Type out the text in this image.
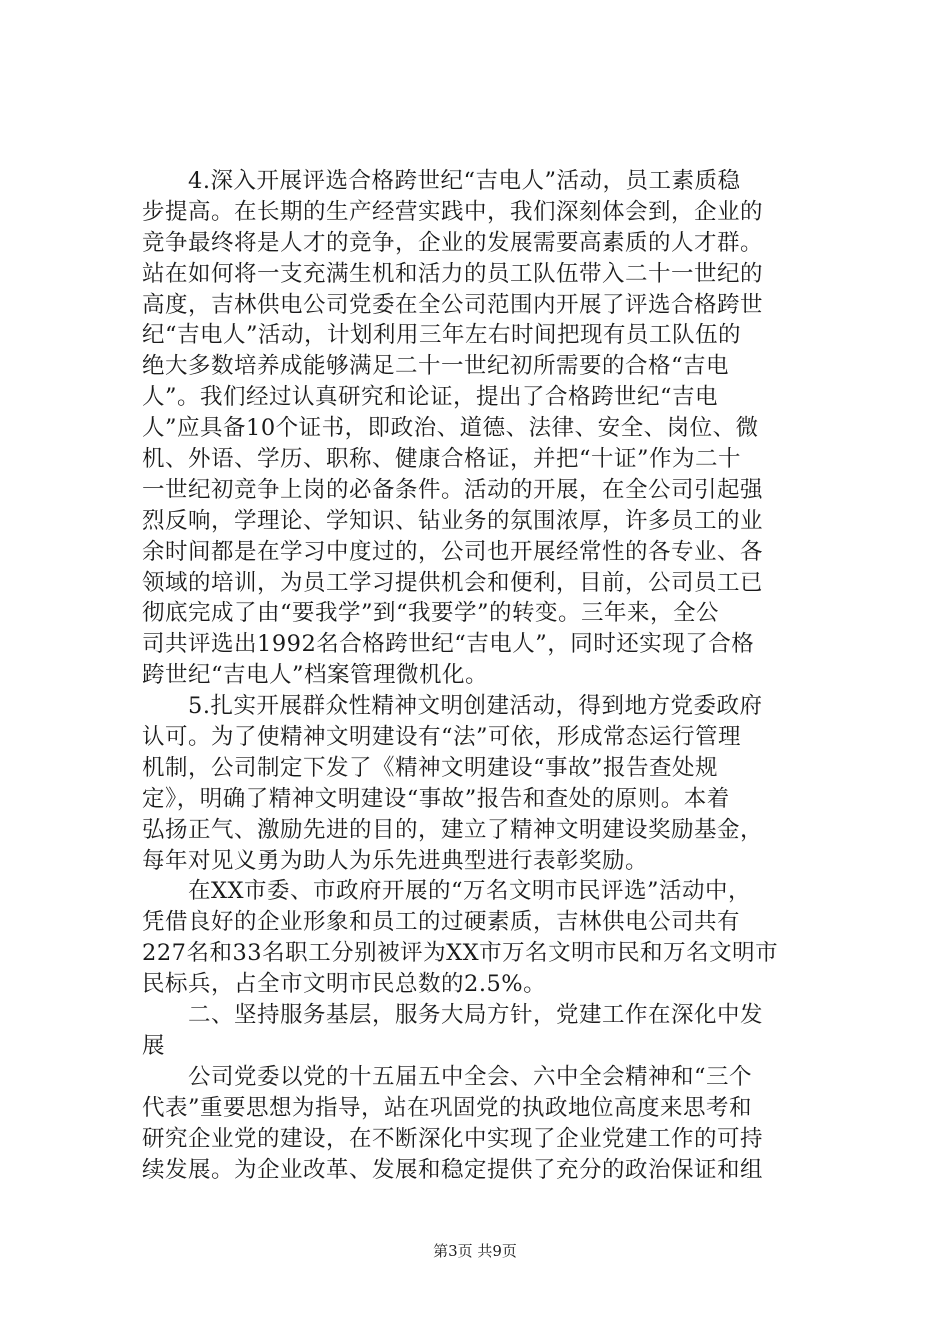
　　4.深入开展评选合格跨世纪“吉电人”活动，员工素质稳
步提高。在长期的生产经营实践中，我们深刻体会到，企业的
竞争最终将是人才的竞争，企业的发展需要高素质的人才群。
站在如何将一支充满生机和活力的员工队伍带入二十一世纪的
高度，吉林供电公司党委在全公司范围内开展了评选合格跨世
纪“吉电人”活动，计划利用三年左右时间把现有员工队伍的
绝大多数培养成能够满足二十一世纪初所需要的合格“吉电
人”。我们经过认真研究和论证，提出了合格跨世纪“吉电
人”应具备10个证书，即政治、道德、法律、安全、岗位、微
机、外语、学历、职称、健康合格证，并把“十证”作为二十
一世纪初竞争上岗的必备条件。活动的开展，在全公司引起强
烈反响，学理论、学知识、钻业务的氛围浓厚，许多员工的业
余时间都是在学习中度过的，公司也开展经常性的各专业、各
领域的培训，为员工学习提供机会和便利，目前，公司员工已
彻底完成了由“要我学”到“我要学”的转变。三年来，全公
司共评选出1992名合格跨世纪“吉电人”，同时还实现了合格
跨世纪“吉电人”档案管理微机化。
　　5.扎实开展群众性精神文明创建活动，得到地方党委政府
认可。为了使精神文明建设有“法”可依，形成常态运行管理
机制，公司制定下发了《精神文明建设“事故”报告查处规
定》，明确了精神文明建设“事故”报告和查处的原则。本着
弘扬正气、激励先进的目的，建立了精神文明建设奖励基金，
每年对见义勇为助人为乐先进典型进行表彰奖励。
　　在XX市委、市政府开展的“万名文明市民评选”活动中，
凭借良好的企业形象和员工的过硬素质，吉林供电公司共有
227名和33名职工分别被评为XX市万名文明市民和万名文明市
民标兵，占全市文明市民总数的2.5%。
　　二、坚持服务基层，服务大局方针，党建工作在深化中发
展
　　公司党委以党的十五届五中全会、六中全会精神和“三个
代表”重要思想为指导，站在巩固党的执政地位高度来思考和
研究企业党的建设，在不断深化中实现了企业党建工作的可持
续发展。为企业改革、发展和稳定提供了充分的政治保证和组
第3页 共9页
